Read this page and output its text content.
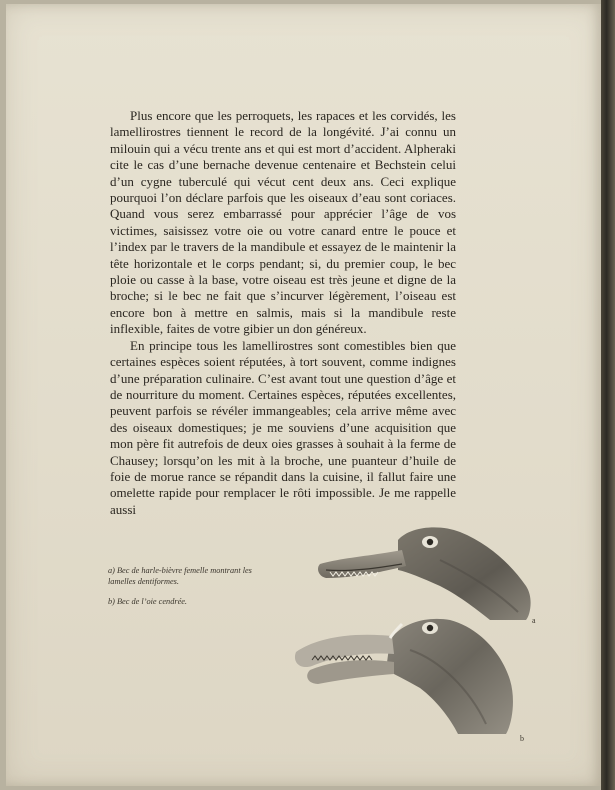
Plus encore que les perroquets, les rapaces et les corvidés, les lamellirostres tiennent le record de la longévité. J’ai connu un milouin qui a vécu trente ans et qui est mort d’accident. Alpheraki cite le cas d’une bernache devenue centenaire et Bechstein celui d’un cygne tuberculé qui vécut cent deux ans. Ceci explique pourquoi l’on déclare parfois que les oiseaux d’eau sont coriaces. Quand vous serez embarrassé pour apprécier l’âge de vos victimes, saisissez votre oie ou votre canard entre le pouce et l’index par le travers de la mandibule et essayez de le maintenir la tête horizontale et le corps pendant; si, du premier coup, le bec ploie ou casse à la base, votre oiseau est très jeune et digne de la broche; si le bec ne fait que s’incurver légèrement, l’oiseau est encore bon à mettre en salmis, mais si la mandibule reste inflexible, faites de votre gibier un don généreux.

En principe tous les lamellirostres sont comestibles bien que certaines espèces soient réputées, à tort souvent, comme indignes d’une préparation culinaire. C’est avant tout une question d’âge et de nourriture du moment. Certaines espèces, réputées excellentes, peuvent parfois se révéler immangeables; cela arrive même avec des oiseaux domestiques; je me souviens d’une acquisition que mon père fit autrefois de deux oies grasses à souhait à la ferme de Chausey; lorsqu’on les mit à la broche, une puanteur d’huile de foie de morue rance se répandit dans la cuisine, il fallut faire une omelette rapide pour remplacer le rôti impossible. Je me rappelle aussi

a) Bec de harle-bièvre femelle montrant les lamelles dentiformes.
b) Bec de l’oie cendrée.
a
b
